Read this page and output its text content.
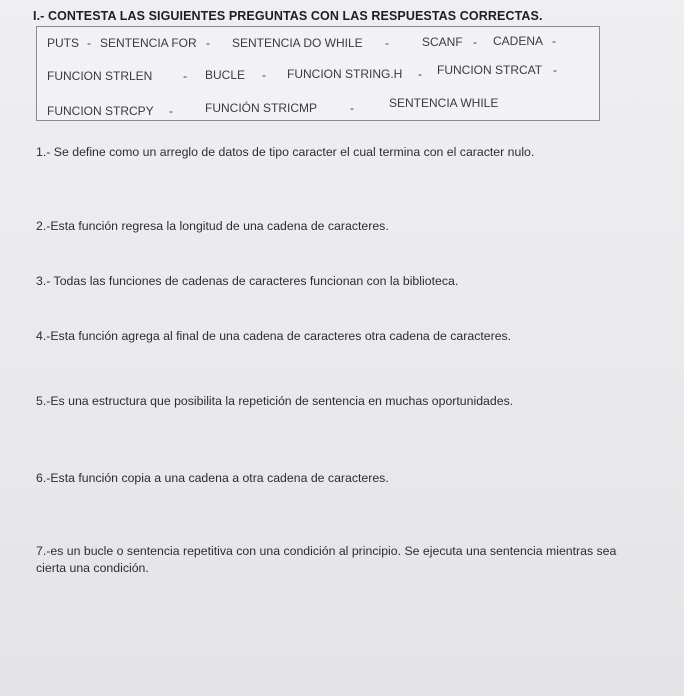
I.- CONTESTA LAS SIGUIENTES PREGUNTAS CON LAS RESPUESTAS CORRECTAS.
PUTS - SENTENCIA FOR - SENTENCIA DO WHILE -	SCANF - CADENA -
FUNCION STRLEN	- BUCLE - FUNCION STRING.H - FUNCION STRCAT -
FUNCION STRCPY -	FUNCIÓN STRICMP	-	SENTENCIA WHILE
1.- Se define como un arreglo de datos de tipo caracter el cual termina con el caracter nulo.
2.-Esta función regresa la longitud de una cadena de caracteres.
3.- Todas las funciones de cadenas de caracteres funcionan con la biblioteca.
4.-Esta función agrega al final de una cadena de caracteres otra cadena de caracteres.
5.-Es una estructura que posibilita la repetición de sentencia en muchas oportunidades.
6.-Esta función copia a una cadena a otra cadena de caracteres.
7.-es un bucle o sentencia repetitiva con una condición al principio. Se ejecuta una sentencia mientras sea cierta una condición.
